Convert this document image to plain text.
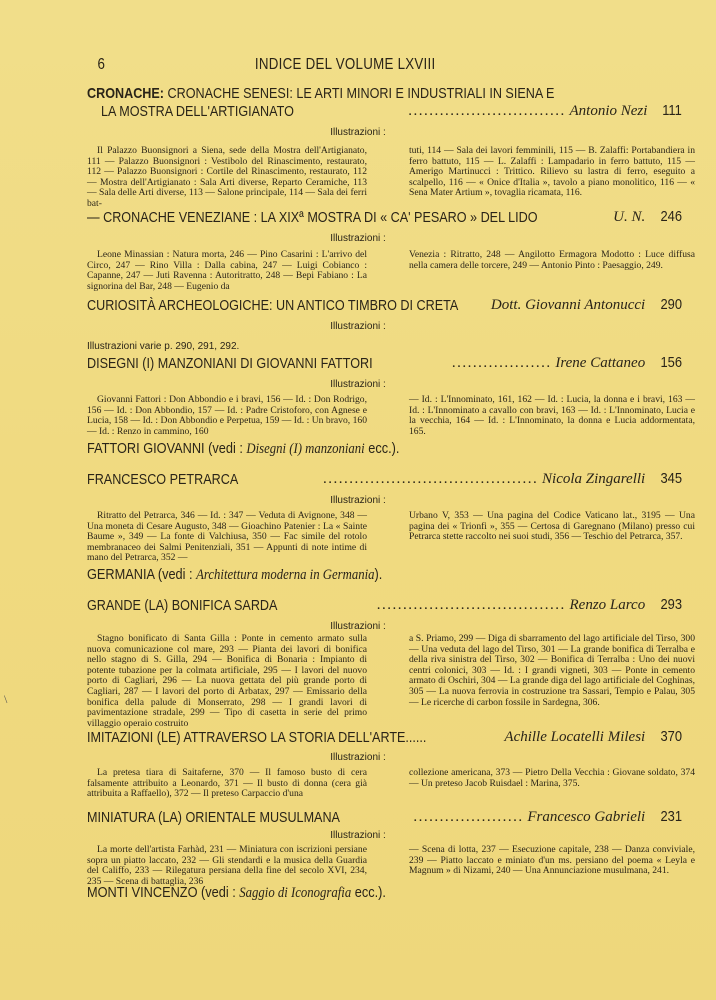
6	INDICE DEL VOLUME LXVIII
CRONACHE: CRONACHE SENESI: LE ARTI MINORI E INDUSTRIALI IN SIENA E
LA MOSTRA DELL'ARTIGIANATO	.............................. Antonio Nezi 111
Illustrazioni :
Il Palazzo Buonsignori a Siena, sede della Mostra dell'Artigianato, 111 — Palazzo Buonsignori : Vestibolo del Rinascimento, restaurato, 112 — Palazzo Buonsignori : Cortile del Rinascimento, restaurato, 112 — Mostra dell'Artigianato : Sala Arti diverse, Reparto Ceramiche, 113 — Sala delle Arti diverse, 113 — Salone principale, 114 — Sala dei ferri bat-
tuti, 114 — Sala dei lavori femminili, 115 — B. Zalaffi: Portabandiera in ferro battuto, 115 — L. Zalaffi : Lampadario in ferro battuto, 115 — Amerigo Martinucci : Trittico. Rilievo su lastra di ferro, eseguito a scalpello, 116 — « Onice d'Italia », tavolo a piano monolitico, 116 — « Sena Mater Artium », tovaglia ricamata, 116.
— CRONACHE VENEZIANE : LA XIXª MOSTRA DI « CA' PESARO » DEL LIDO	U. N. 246
Illustrazioni :
Leone Minassian : Natura morta, 246 — Pino Casarini : L'arrivo del Circo, 247 — Rino Villa : Dalla cabina, 247 — Luigi Cobianco : Capanne, 247 — Juti Ravenna : Autoritratto, 248 — Bepi Fabiano : La signorina del Bar, 248 — Eugenio da
Venezia : Ritratto, 248 — Angilotto Ermagora Modotto : Luce diffusa nella camera delle torcere, 249 — Antonio Pinto : Paesaggio, 249.
CURIOSITÀ ARCHEOLOGICHE: UN ANTICO TIMBRO DI CRETA	Dott. Giovanni Antonucci 290
Illustrazioni :
Illustrazioni varie p. 290, 291, 292.
DISEGNI (I) MANZONIANI DI GIOVANNI FATTORI	................... Irene Cattaneo 156
Illustrazioni :
Giovanni Fattori : Don Abbondio e i bravi, 156 — Id. : Don Rodrigo, 156 — Id. : Don Abbondio, 157 — Id. : Padre Cristoforo, con Agnese e Lucia, 158 — Id. : Don Abbondio e Perpetua, 159 — Id. : Un bravo, 160 — Id. : Renzo in cammino, 160
— Id. : L'Innominato, 161, 162 — Id. : Lucia, la donna e i bravi, 163 — Id. : L'Innominato a cavallo con bravi, 163 — Id. : L'Innominato, Lucia e la vecchia, 164 — Id. : L'Innominato, la donna e Lucia addormentata, 165.
FATTORI GIOVANNI (vedi : Disegni (I) manzoniani ecc.).
FRANCESCO PETRARCA	......................................... Nicola Zingarelli 345
Illustrazioni :
Ritratto del Petrarca, 346 — Id. : 347 — Veduta di Avignone, 348 — Una moneta di Cesare Augusto, 348 — Gioachino Patenier : La « Sainte Baume », 349 — La fonte di Valchiusa, 350 — Fac simile del rotolo membranaceo dei Salmi Penitenziali, 351 — Appunti di note intime di mano del Petrarca, 352 —
Urbano V, 353 — Una pagina del Codice Vaticano lat., 3195 — Una pagina dei « Trionfi », 355 — Certosa di Garegnano (Milano) presso cui Petrarca stette raccolto nei suoi studi, 356 — Teschio del Petrarca, 357.
GERMANIA (vedi : Architettura moderna in Germania).
GRANDE (LA) BONIFICA SARDA	.................................... Renzo Larco 293
Illustrazioni :
Stagno bonificato di Santa Gilla : Ponte in cemento armato sulla nuova comunicazione col mare, 293 — Pianta dei lavori di bonifica nello stagno di S. Gilla, 294 — Bonifica di Bonaria : Impianto di potente tubazione per la colmata artificiale, 295 — I lavori del nuovo porto di Cagliari, 296 — La nuova gettata del più grande porto di Cagliari, 287 — I lavori del porto di Arbatax, 297 — Emissario della bonifica della palude di Monserrato, 298 — I grandi lavori di pavimentazione stradale, 299 — Tipo di casetta in serie del primo villaggio operaio costruito
a S. Priamo, 299 — Diga di sbarramento del lago artificiale del Tirso, 300 — Una veduta del lago del Tirso, 301 — La grande bonifica di Terralba e della riva sinistra del Tirso, 302 — Bonifica di Terralba : Uno dei nuovi centri colonici, 303 — Id. : I grandi vigneti, 303 — Ponte in cemento armato di Oschiri, 304 — La grande diga del lago artificiale del Coghinas, 305 — La nuova ferrovia in costruzione tra Sassari, Tempio e Palau, 305 — Le ricerche di carbon fossile in Sardegna, 306.
IMITAZIONI (LE) ATTRAVERSO LA STORIA DELL'ARTE......	Achille Locatelli Milesi 370
Illustrazioni :
La pretesa tiara di Saitaferne, 370 — Il famoso busto di cera falsamente attribuito a Leonardo, 371 — Il busto di donna (cera già attribuita a Raffaello), 372 — Il preteso Carpaccio d'una
collezione americana, 373 — Pietro Della Vecchia : Giovane soldato, 374 — Un preteso Jacob Ruisdael : Marina, 375.
MINIATURA (LA) ORIENTALE MUSULMANA	..................... Francesco Gabrieli 231
Illustrazioni :
La morte dell'artista Farhàd, 231 — Miniatura con iscrizioni persiane sopra un piatto laccato, 232 — Gli stendardi e la musica della Guardia del Califfo, 233 — Rilegatura persiana della fine del secolo XVI, 234, 235 — Scena di battaglia, 236
— Scena di lotta, 237 — Esecuzione capitale, 238 — Danza conviviale, 239 — Piatto laccato e miniato d'un ms. persiano del poema « Leyla e Magnum » di Nizami, 240 — Una Annunciazione musulmana, 241.
MONTI VINCENZO (vedi : Saggio di Iconografia ecc.).
\
